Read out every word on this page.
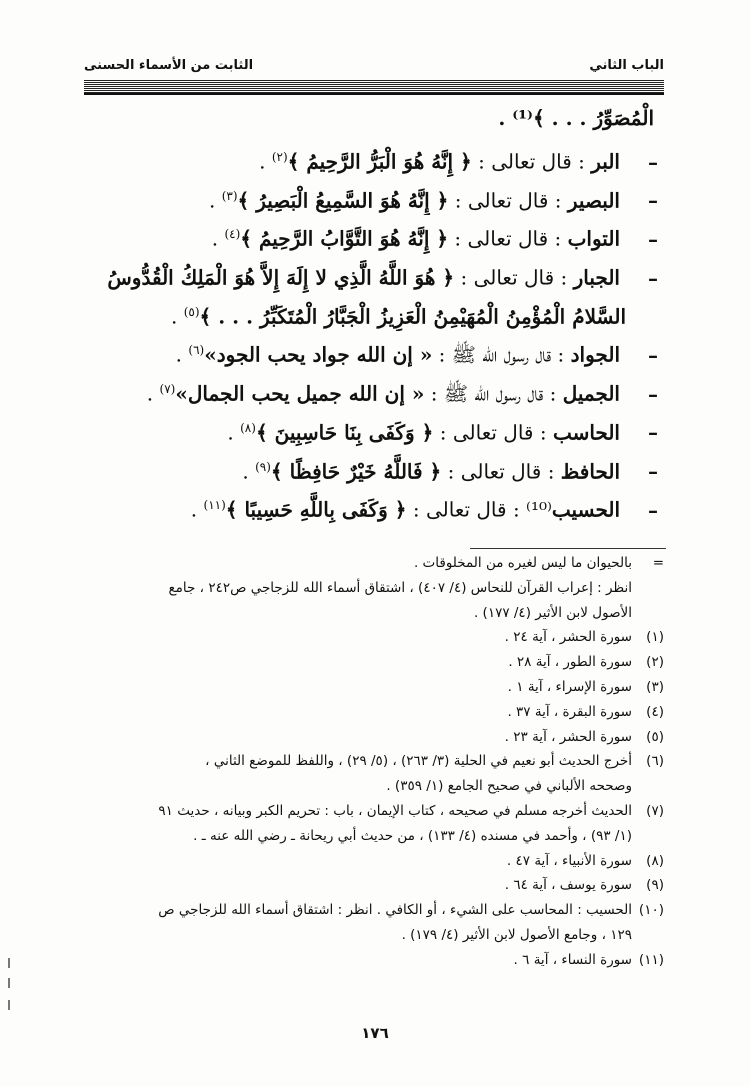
الباب الثاني
الثابت من الأسماء الحسنى
الْمُصَوِّرُ . . . ﴾⁽¹⁾ .
–البر : قال تعالى : ﴿ إِنَّهُ هُوَ الْبَرُّ الرَّحِيمُ ﴾$^{(٢)}$ .
–البصير : قال تعالى : ﴿ إِنَّهُ هُوَ السَّمِيعُ الْبَصِيرُ ﴾$^{(٣)}$ .
–التواب : قال تعالى : ﴿ إِنَّهُ هُوَ التَّوَّابُ الرَّحِيمُ ﴾$^{(٤)}$ .
–الجبار : قال تعالى : ﴿ هُوَ اللَّهُ الَّذِي لا إِلَهَ إِلاَّ هُوَ الْمَلِكُ الْقُدُّوسُ
السَّلامُ الْمُؤْمِنُ الْمُهَيْمِنُ الْعَزِيزُ الْجَبَّارُ الْمُتَكَبِّرُ . . . ﴾$^{(٥)}$ .
–الجواد : قال رسول الله ﷺ : « إن الله جواد يحب الجود»$^{(٦)}$ .
–الجميل : قال رسول الله ﷺ : « إن الله جميل يحب الجمال»$^{(٧)}$ .
–الحاسب : قال تعالى : ﴿ وَكَفَى بِنَا حَاسِبِينَ ﴾$^{(٨)}$ .
–الحافظ : قال تعالى : ﴿ فَاللَّهُ خَيْرٌ حَافِظًا ﴾$^{(٩)}$ .
–الحسيب⁽¹⁰⁾ : قال تعالى : ﴿ وَكَفَى بِاللَّهِ حَسِيبًا ﴾$^{(١١)}$ .
=
بالحيوان ما ليس لغيره من المخلوقات .
انظر : إعراب القرآن للنحاس (٤/ ٤٠٧) ، اشتقاق أسماء الله للزجاجي ص٢٤٢ ، جامع
الأصول لابن الأثير (٤/ ١٧٧) .
(١)
سورة الحشر ، آية ٢٤ .
(٢)
سورة الطور ، آية ٢٨ .
(٣)
سورة الإسراء ، آية ١ .
(٤)
سورة البقرة ، آية ٣٧ .
(٥)
سورة الحشر ، آية ٢٣ .
(٦)
أخرج الحديث أبو نعيم في الحلية (٣/ ٢٦٣) ، (٥/ ٢٩) ، واللفظ للموضع الثاني ،
وصححه الألباني في صحيح الجامع (١/ ٣٥٩) .
(٧)
الحديث أخرجه مسلم في صحيحه ، كتاب الإيمان ، باب : تحريم الكبر وبيانه ، حديث ٩١
(١/ ٩٣) ، وأحمد في مسنده (٤/ ١٣٣) ، من حديث أبي ريحانة ـ رضي الله عنه ـ .
(٨)
سورة الأنبياء ، آية ٤٧ .
(٩)
سورة يوسف ، آية ٦٤ .
(١٠)
الحسيب : المحاسب على الشيء ، أو الكافي . انظر : اشتقاق أسماء الله للزجاجي ص
١٢٩ ، وجامع الأصول لابن الأثير (٤/ ١٧٩) .
(١١)
سورة النساء ، آية ٦ .
١٧٦
